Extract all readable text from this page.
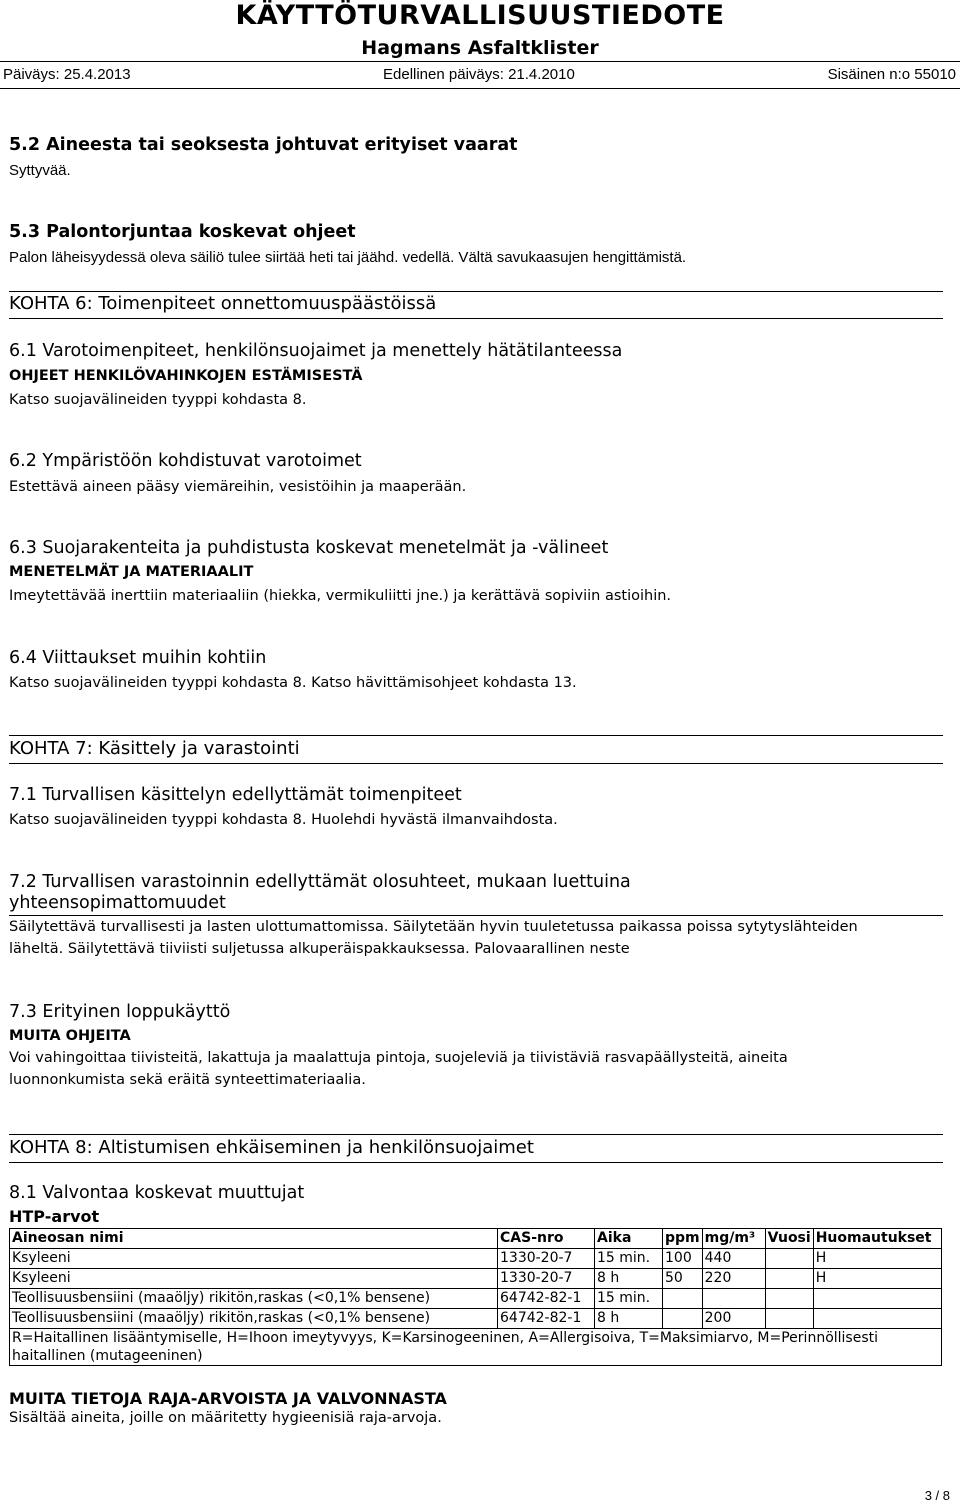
KÄYTTÖTURVALLISUUSTIEDOTE
Hagmans Asfaltklister
Päiväys: 25.4.2013	Edellinen päiväys: 21.4.2010	Sisäinen n:o 55010
5.2 Aineesta tai seoksesta johtuvat erityiset vaarat
Syttyvää.
5.3 Palontorjuntaa koskevat ohjeet
Palon läheisyydessä oleva säiliö tulee siirtää heti tai jäähd. vedellä. Vältä savukaasujen hengittämistä.
KOHTA 6: Toimenpiteet onnettomuuspäästöissä
6.1 Varotoimenpiteet, henkilönsuojaimet ja menettely hätätilanteessa
OHJEET HENKILÖVAHINKOJEN ESTÄMISESTÄ
Katso suojavälineiden tyyppi kohdasta 8.
6.2 Ympäristöön kohdistuvat varotoimet
Estettävä aineen pääsy viemäreihin, vesistöihin ja maaperään.
6.3 Suojarakenteita ja puhdistusta koskevat menetelmät ja -välineet
MENETELMÄT JA MATERIAALIT
Imeytettävää inerttiin materiaaliin (hiekka, vermikuliitti jne.) ja kerättävä sopiviin astioihin.
6.4 Viittaukset muihin kohtiin
Katso suojavälineiden tyyppi kohdasta 8. Katso hävittämisohjeet kohdasta 13.
KOHTA 7: Käsittely ja varastointi
7.1 Turvallisen käsittelyn edellyttämät toimenpiteet
Katso suojavälineiden tyyppi kohdasta 8. Huolehdi hyvästä ilmanvaihdosta.
7.2 Turvallisen varastoinnin edellyttämät olosuhteet, mukaan luettuina
yhteensopimattomuudet
Säilytettävä turvallisesti ja lasten ulottumattomissa. Säilytetään hyvin tuuletetussa paikassa poissa sytytyslähteiden
läheltä. Säilytettävä tiiviisti suljetussa alkuperäispakkauksessa. Palovaarallinen neste
7.3 Erityinen loppukäyttö
MUITA OHJEITA
Voi vahingoittaa tiivisteitä, lakattuja ja maalattuja pintoja, suojeleviä ja tiivistäviä rasvapäällysteitä, aineita
luonnonkumista sekä eräitä synteettimateriaalia.
KOHTA 8: Altistumisen ehkäiseminen ja henkilönsuojaimet
8.1 Valvontaa koskevat muuttujat
HTP-arvot
Aineosan nimi	CAS-nro	Aika	ppm	mg/m³	Vuosi	Huomautukset
Ksyleeni	1330-20-7	15 min.	100	440		H
Ksyleeni	1330-20-7	8 h	50	220		H
Teollisuusbensiini (maaöljy) rikitön,raskas (<0,1% bensene)	64742-82-1	15 min.				
Teollisuusbensiini (maaöljy) rikitön,raskas (<0,1% bensene)	64742-82-1	8 h		200		
R=Haitallinen lisääntymiselle, H=Ihoon imeytyvyys, K=Karsinogeeninen, A=Allergisoiva, T=Maksimiarvo, M=Perinnöllisesti haitallinen (mutageeninen)						
MUITA TIETOJA RAJA-ARVOISTA JA VALVONNASTA
Sisältää aineita, joille on määritetty hygieenisiä raja-arvoja.
3 / 8
